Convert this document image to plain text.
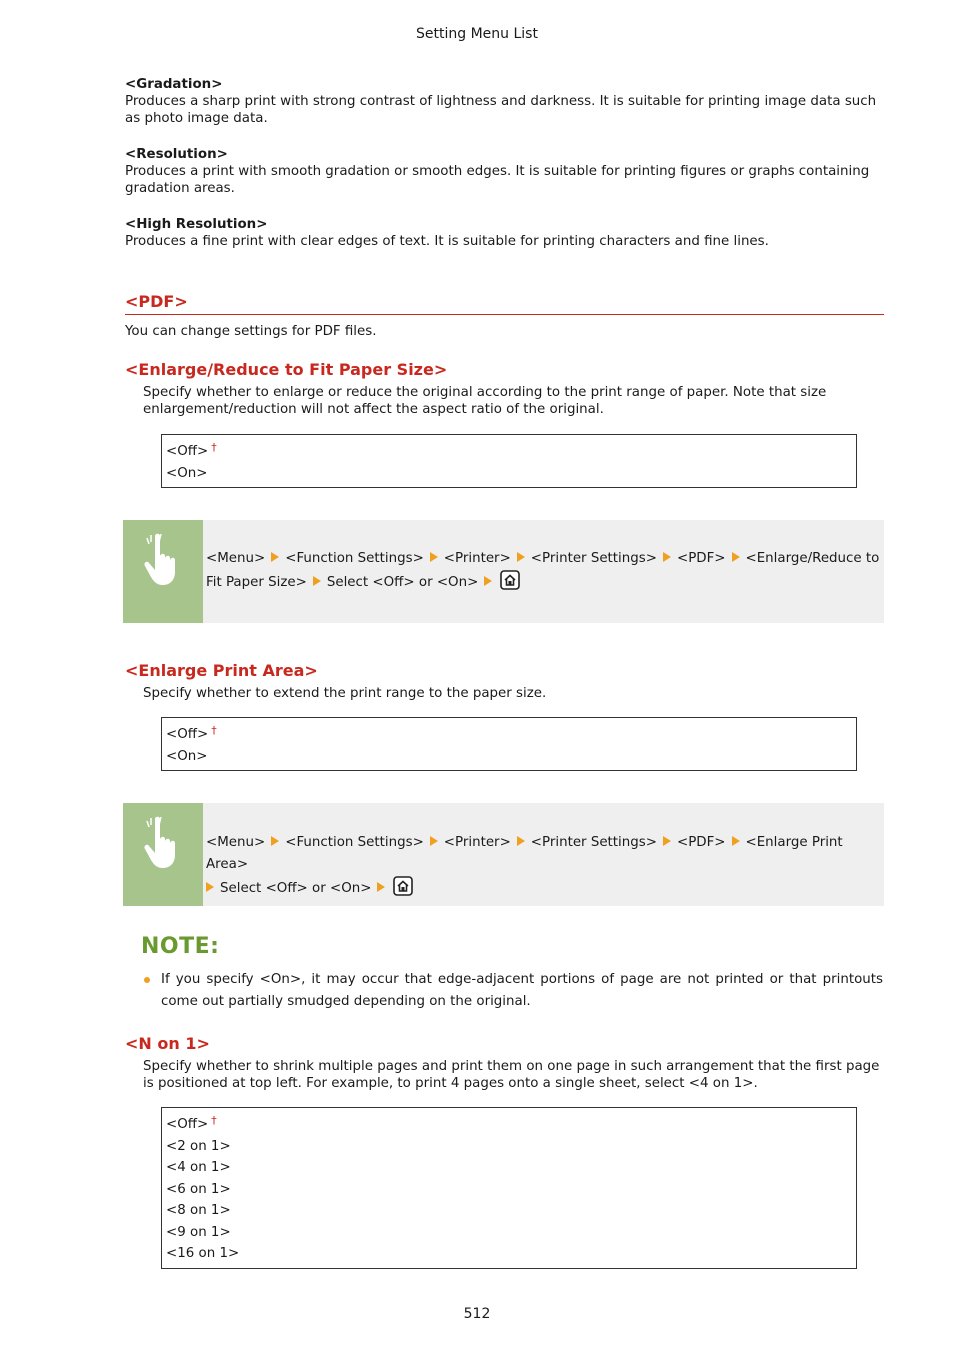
Setting Menu List
<Gradation>
Produces a sharp print with strong contrast of lightness and darkness. It is suitable for printing image data such as photo image data.
<Resolution>
Produces a print with smooth gradation or smooth edges. It is suitable for printing figures or graphs containing gradation areas.
<High Resolution>
Produces a fine print with clear edges of text. It is suitable for printing characters and fine lines.
<PDF>
You can change settings for PDF files.
<Enlarge/Reduce to Fit Paper Size>
Specify whether to enlarge or reduce the original according to the print range of paper. Note that size enlargement/reduction will not affect the aspect ratio of the original.
<Off> †
<On>
<Menu> <Function Settings> <Printer> <Printer Settings> <PDF> <Enlarge/Reduce to Fit Paper Size> Select <Off> or <On>
<Enlarge Print Area>
Specify whether to extend the print range to the paper size.
<Off> †
<On>
<Menu> <Function Settings> <Printer> <Printer Settings> <PDF> <Enlarge Print Area>
Select <Off> or <On>
NOTE:
If you specify <On>, it may occur that edge-adjacent portions of page are not printed or that printouts come out partially smudged depending on the original.
<N on 1>
Specify whether to shrink multiple pages and print them on one page in such arrangement that the first page is positioned at top left. For example, to print 4 pages onto a single sheet, select <4 on 1>.
<Off> †
<2 on 1>
<4 on 1>
<6 on 1>
<8 on 1>
<9 on 1>
<16 on 1>
512
